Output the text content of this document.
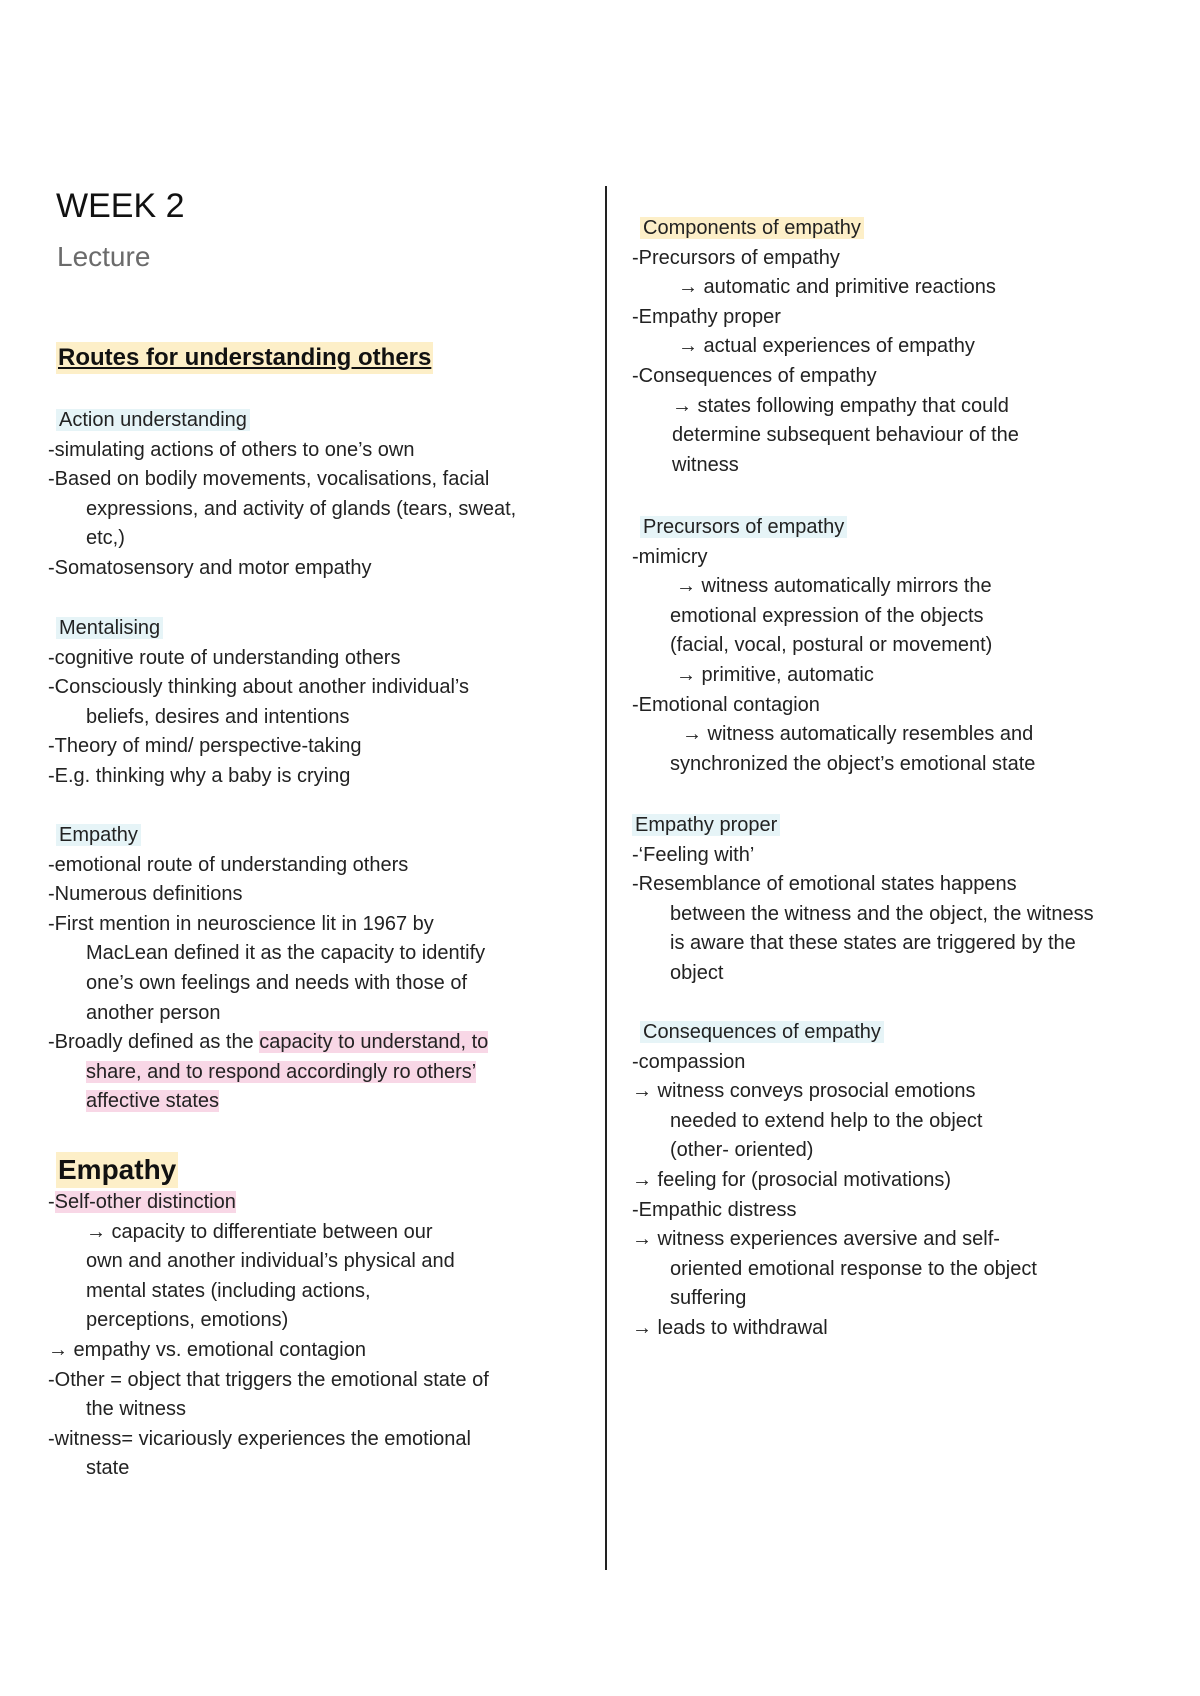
WEEK 2
Lecture
Routes for understanding others

Action understanding

-simulating actions of others to one’s own

-Based on bodily movements, vocalisations, facial

expressions, and activity of glands (tears, sweat,

etc,)

-Somatosensory and motor empathy

Mentalising

-cognitive route of understanding others

-Consciously thinking about another individual’s

beliefs, desires and intentions

-Theory of mind/ perspective-taking

-E.g. thinking why a baby is crying

Empathy

-emotional route of understanding others

-Numerous definitions

-First mention in neuroscience lit in 1967 by

MacLean defined it as the capacity to identify

one’s own feelings and needs with those of

another person

-Broadly defined as the capacity to understand, to

share, and to respond accordingly ro others’

affective states

Empathy

-Self-other distinction

→ capacity to differentiate between our

own and another individual’s physical and

mental states (including actions,

perceptions, emotions)

→ empathy vs. emotional contagion

-Other = object that triggers the emotional state of

the witness

-witness= vicariously experiences the emotional

state

Components of empathy

-Precursors of empathy

→ automatic and primitive reactions

-Empathy proper

→ actual experiences of empathy

-Consequences of empathy

→ states following empathy that could

determine subsequent behaviour of the

witness

Precursors of empathy

-mimicry

→ witness automatically mirrors the

emotional expression of the objects

(facial, vocal, postural or movement)

→ primitive, automatic

-Emotional contagion

→ witness automatically resembles and

synchronized the object’s emotional state

Empathy proper

-‘Feeling with’

-Resemblance of emotional states happens

between the witness and the object, the witness

is aware that these states are triggered by the

object

Consequences of empathy

-compassion

→ witness conveys prosocial emotions

needed to extend help to the object

(other- oriented)

→ feeling for (prosocial motivations)

-Empathic distress

→ witness experiences aversive and self-

oriented emotional response to the object

suffering

→ leads to withdrawal
